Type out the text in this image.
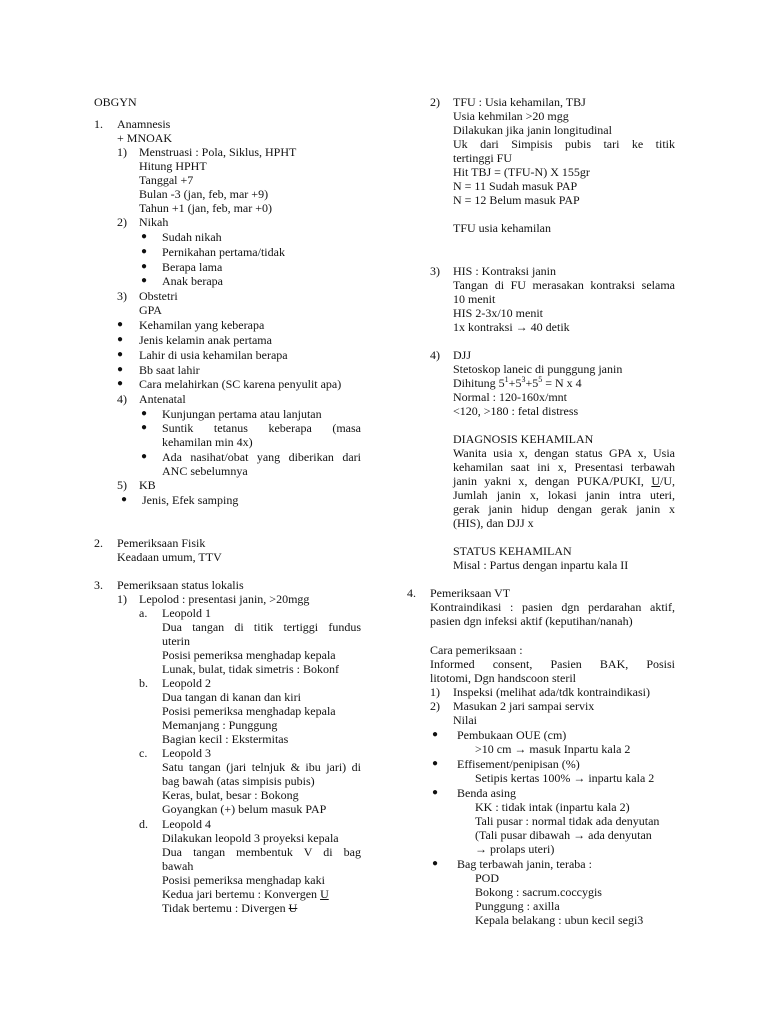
OBGYN
1. Anamnesis
+ MNOAK
1) Menstruasi : Pola, Siklus, HPHT
Hitung HPHT
Tanggal +7
Bulan -3 (jan, feb, mar +9)
Tahun +1 (jan, feb, mar +0)
2) Nikah
● Sudah nikah
● Pernikahan pertama/tidak
● Berapa lama
● Anak berapa
3) Obstetri
GPA
● Kehamilan yang keberapa
● Jenis kelamin anak pertama
● Lahir di usia kehamilan berapa
● Bb saat lahir
● Cara melahirkan (SC karena penyulit apa)
4) Antenatal
● Kunjungan pertama atau lanjutan
● Suntik tetanus keberapa (masa
kehamilan min 4x)
● Ada nasihat/obat yang diberikan dari
ANC sebelumnya
5) KB
● Jenis, Efek samping
2. Pemeriksaan Fisik
Keadaan umum, TTV
3. Pemeriksaan status lokalis
1) Lepolod : presentasi janin, >20mgg
a. Leopold 1
Dua tangan di titik tertiggi fundus
uterin
Posisi pemeriksa menghadap kepala
Lunak, bulat, tidak simetris : Bokonf
b. Leopold 2
Dua tangan di kanan dan kiri
Posisi pemeriksa menghadap kepala
Memanjang : Punggung
Bagian kecil : Ekstermitas
c. Leopold 3
Satu tangan (jari telnjuk & ibu jari) di
bag bawah (atas simpisis pubis)
Keras, bulat, besar : Bokong
Goyangkan (+) belum masuk PAP
d. Leopold 4
Dilakukan leopold 3 proyeksi kepala
Dua tangan membentuk V di bag
bawah
Posisi pemeriksa menghadap kaki
Kedua jari bertemu : Konvergen U
Tidak bertemu : Divergen U
2) TFU : Usia kehamilan, TBJ
Usia kehmilan >20 mgg
Dilakukan jika janin longitudinal
Uk dari Simpisis pubis tari ke titik
tertinggi FU
Hit TBJ = (TFU-N) X 155gr
N = 11 Sudah masuk PAP
N = 12 Belum masuk PAP
TFU usia kehamilan
3) HIS : Kontraksi janin
Tangan di FU merasakan kontraksi selama
10 menit
HIS 2-3x/10 menit
1x kontraksi → 40 detik
4) DJJ
Stetoskop laneic di punggung janin
Dihitung $5^1+5^3+5^5 = N$ x 4
Normal : 120-160x/mnt
<120, >180 : fetal distress
DIAGNOSIS KEHAMILAN
Wanita usia x, dengan status GPA x, Usia
kehamilan saat ini x, Presentasi terbawah
janin yakni x, dengan PUKA/PUKI, U/U,
Jumlah janin x, lokasi janin intra uteri,
gerak janin hidup dengan gerak janin x
(HIS), dan DJJ x
STATUS KEHAMILAN
Misal : Partus dengan inpartu kala II
4. Pemeriksaan VT
Kontraindikasi : pasien dgn perdarahan aktif,
pasien dgn infeksi aktif (keputihan/nanah)
Cara pemeriksaan :
Informed consent, Pasien BAK, Posisi
litotomi, Dgn handscoon steril
1) Inspeksi (melihat ada/tdk kontraindikasi)
2) Masukan 2 jari sampai servix
Nilai
● Pembukaan OUE (cm)
>10 cm → masuk Inpartu kala 2
● Effisement/penipisan (%)
Setipis kertas 100% → inpartu kala 2
● Benda asing
KK : tidak intak (inpartu kala 2)
Tali pusar : normal tidak ada denyutan
(Tali pusar dibawah → ada denyutan
→ prolaps uteri)
● Bag terbawah janin, teraba :
POD
Bokong : sacrum.coccygis
Punggung : axilla
Kepala belakang : ubun kecil segi3
